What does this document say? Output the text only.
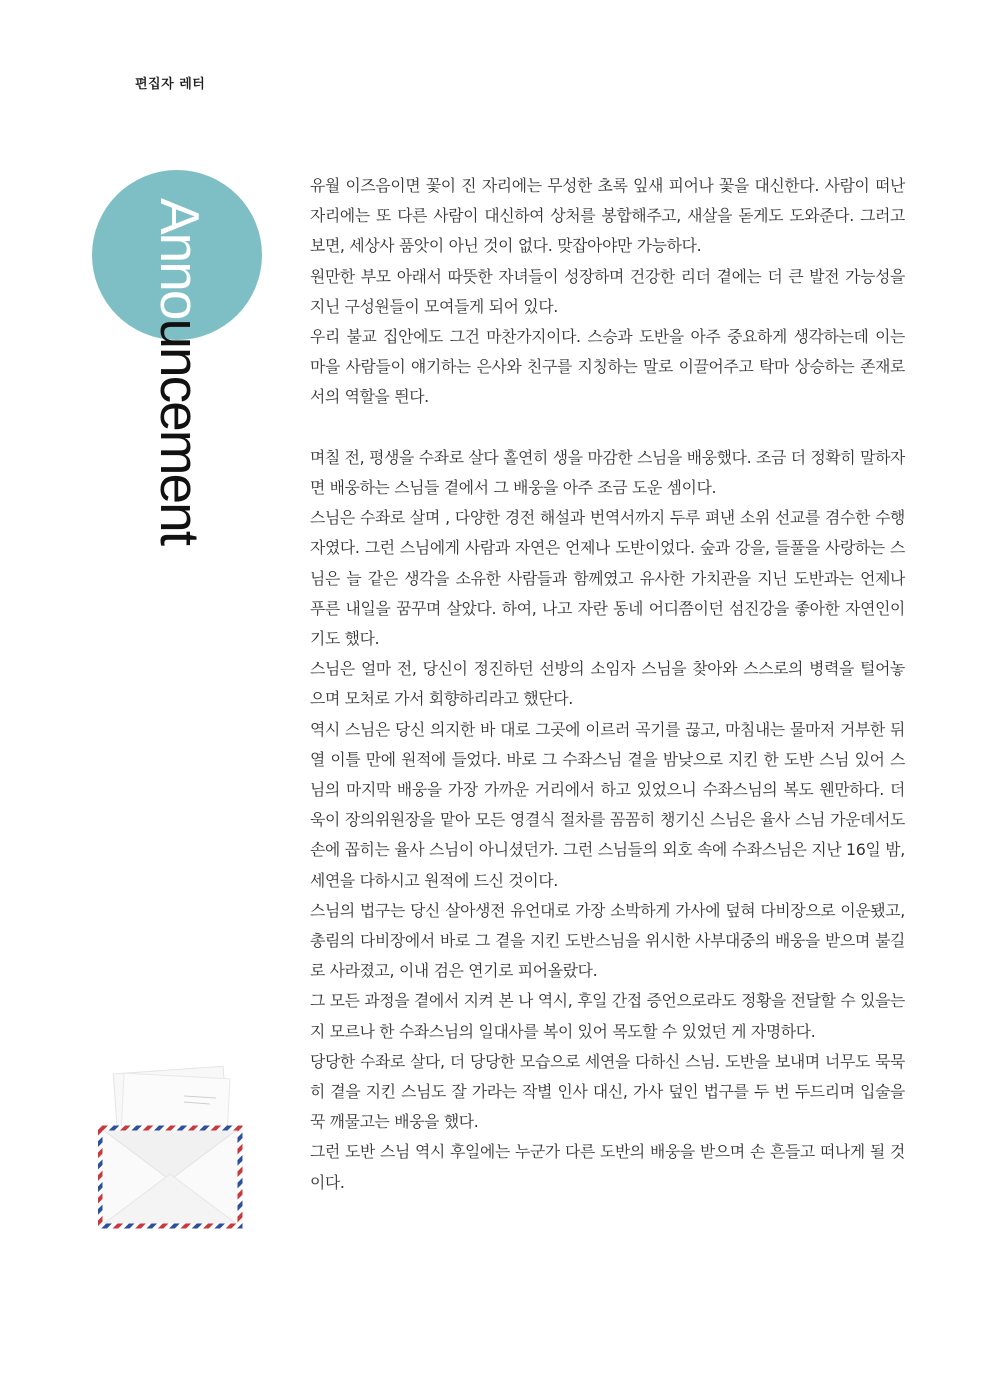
편집자 레터
Announcement

유월 이즈음이면 꽃이 진 자리에는 무성한 초록 잎새 피어나 꽃을 대신한다. 사람이 떠난 자리에는 또 다른 사람이 대신하여 상처를 봉합해주고, 새살을 돋게도 도와준다. 그러고 보면, 세상사 품앗이 아닌 것이 없다. 맞잡아야만 가능하다.

원만한 부모 아래서 따뜻한 자녀들이 성장하며 건강한 리더 곁에는 더 큰 발전 가능성을 지닌 구성원들이 모여들게 되어 있다.

우리 불교 집안에도 그건 마찬가지이다. 스승과 도반을 아주 중요하게 생각하는데 이는 마을 사람들이 얘기하는 은사와 친구를 지칭하는 말로 이끌어주고 탁마 상승하는 존재로서의 역할을 띈다.

며칠 전, 평생을 수좌로 살다 홀연히 생을 마감한 스님을 배웅했다. 조금 더 정확히 말하자면 배웅하는 스님들 곁에서 그 배웅을 아주 조금 도운 셈이다.

스님은 수좌로 살며 , 다양한 경전 해설과 번역서까지 두루 펴낸 소위 선교를 겸수한 수행자였다. 그런 스님에게 사람과 자연은 언제나 도반이었다. 숲과 강을, 들풀을 사랑하는 스님은 늘 같은 생각을 소유한 사람들과 함께였고 유사한 가치관을 지닌 도반과는 언제나 푸른 내일을 꿈꾸며 살았다. 하여, 나고 자란 동네 어디쯤이던 섬진강을 좋아한 자연인이기도 했다.

스님은 얼마 전, 당신이 정진하던 선방의 소임자 스님을 찾아와 스스로의 병력을 털어놓으며 모처로 가서 회향하리라고 했단다.

역시 스님은 당신 의지한 바 대로 그곳에 이르러 곡기를 끊고, 마침내는 물마저 거부한 뒤 열 이틀 만에 원적에 들었다. 바로 그 수좌스님 곁을 밤낮으로 지킨 한 도반 스님 있어 스님의 마지막 배웅을 가장 가까운 거리에서 하고 있었으니 수좌스님의 복도 웬만하다. 더욱이 장의위원장을 맡아 모든 영결식 절차를 꼼꼼히 챙기신 스님은 율사 스님 가운데서도 손에 꼽히는 율사 스님이 아니셨던가. 그런 스님들의 외호 속에 수좌스님은 지난 16일 밤, 세연을 다하시고 원적에 드신 것이다.

스님의 법구는 당신 살아생전 유언대로 가장 소박하게 가사에 덮혀 다비장으로 이운됐고, 총림의 다비장에서 바로 그 곁을 지킨 도반스님을 위시한 사부대중의 배웅을 받으며 불길로 사라졌고, 이내 검은 연기로 피어올랐다.

그 모든 과정을 곁에서 지켜 본 나 역시, 후일 간접 증언으로라도 정황을 전달할 수 있을는지 모르나 한 수좌스님의 일대사를 복이 있어 목도할 수 있었던 게 자명하다.

당당한 수좌로 살다, 더 당당한 모습으로 세연을 다하신 스님. 도반을 보내며 너무도 묵묵히 곁을 지킨 스님도 잘 가라는 작별 인사 대신, 가사 덮인 법구를 두 번 두드리며 입술을 꾹 깨물고는 배웅을 했다.

그런 도반 스님 역시 후일에는 누군가 다른 도반의 배웅을 받으며 손 흔들고 떠나게 될 것이다.
